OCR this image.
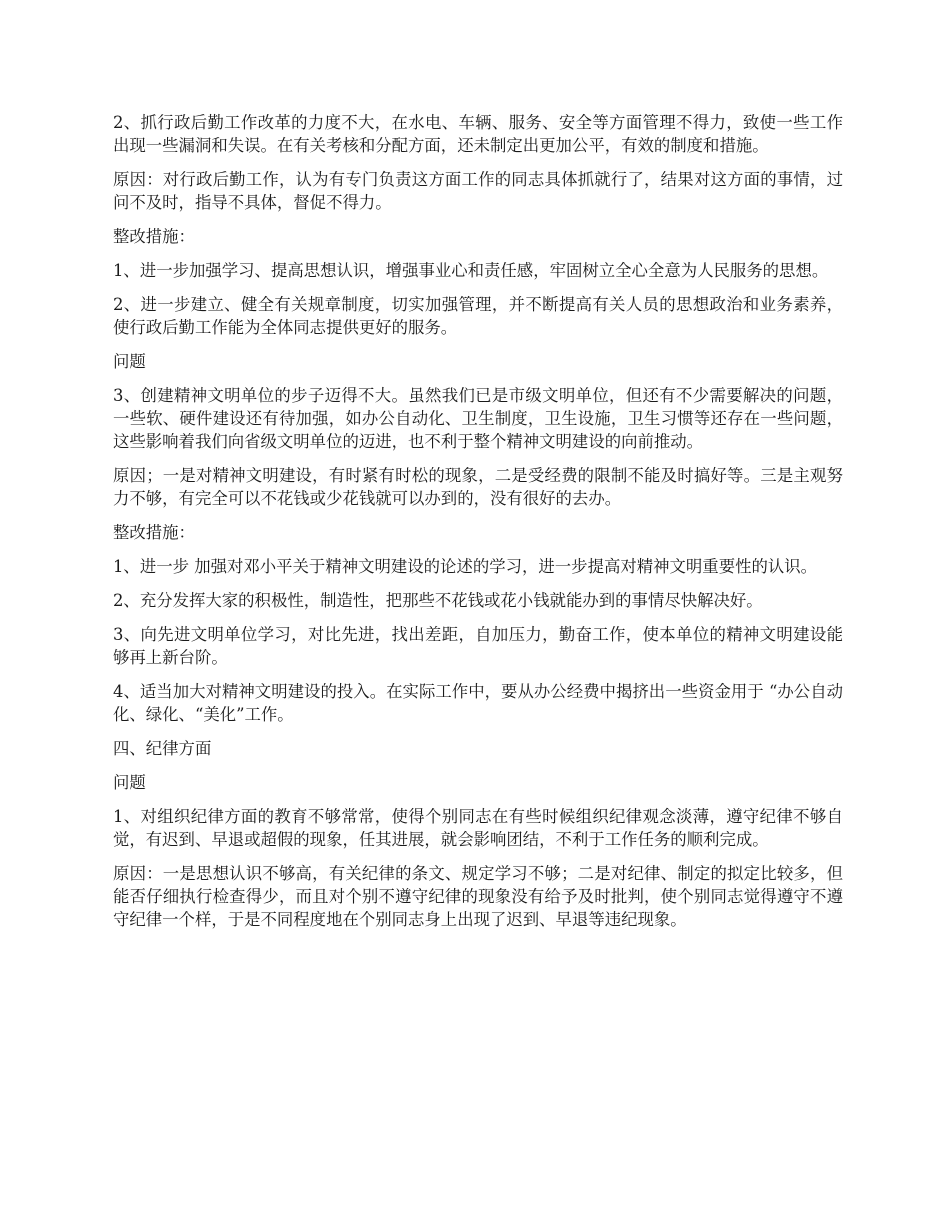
2、抓行政后勤工作改革的力度不大，在水电、车辆、服务、安全等方面管理不得力，致使一些工作出现一些漏洞和失误。在有关考核和分配方面，还未制定出更加公平，有效的制度和措施。

原因：对行政后勤工作，认为有专门负责这方面工作的同志具体抓就行了，结果对这方面的事情，过问不及时，指导不具体，督促不得力。

整改措施：

1、进一步加强学习、提高思想认识，增强事业心和责任感，牢固树立全心全意为人民服务的思想。

2、进一步建立、健全有关规章制度，切实加强管理，并不断提高有关人员的思想政治和业务素养，使行政后勤工作能为全体同志提供更好的服务。

问题

3、创建精神文明单位的步子迈得不大。虽然我们已是市级文明单位，但还有不少需要解决的问题，一些软、硬件建设还有待加强，如办公自动化、卫生制度，卫生设施，卫生习惯等还存在一些问题，这些影响着我们向省级文明单位的迈进，也不利于整个精神文明建设的向前推动。

原因；一是对精神文明建设，有时紧有时松的现象，二是受经费的限制不能及时搞好等。三是主观努力不够，有完全可以不花钱或少花钱就可以办到的，没有很好的去办。

整改措施：

1、进一步 加强对邓小平关于精神文明建设的论述的学习，进一步提高对精神文明重要性的认识。

2、充分发挥大家的积极性，制造性，把那些不花钱或花小钱就能办到的事情尽快解决好。

3、向先进文明单位学习，对比先进，找出差距，自加压力，勤奋工作，使本单位的精神文明建设能够再上新台阶。

4、适当加大对精神文明建设的投入。在实际工作中，要从办公经费中揭挤出一些资金用于 “办公自动化、绿化、“美化”工作。

四、纪律方面

问题

1、对组织纪律方面的教育不够常常，使得个别同志在有些时候组织纪律观念淡薄，遵守纪律不够自觉，有迟到、早退或超假的现象，任其进展，就会影响团结，不利于工作任务的顺利完成。

原因：一是思想认识不够高，有关纪律的条文、规定学习不够；二是对纪律、制定的拟定比较多，但能否仔细执行检查得少，而且对个别不遵守纪律的现象没有给予及时批判，使个别同志觉得遵守不遵守纪律一个样，于是不同程度地在个别同志身上出现了迟到、早退等违纪现象。
